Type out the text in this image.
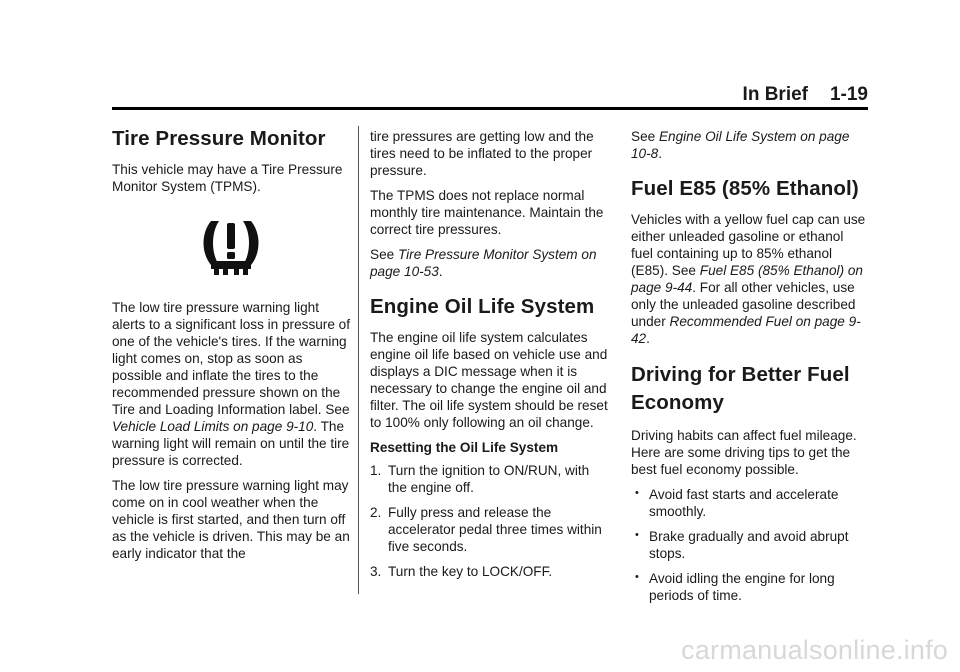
In Brief 1-19
Tire Pressure Monitor

This vehicle may have a Tire Pressure Monitor System (TPMS).

The low tire pressure warning light alerts to a significant loss in pressure of one of the vehicle's tires. If the warning light comes on, stop as soon as possible and inflate the tires to the recommended pressure shown on the Tire and Loading Information label. See Vehicle Load Limits on page 9-10. The warning light will remain on until the tire pressure is corrected.

The low tire pressure warning light may come on in cool weather when the vehicle is first started, and then turn off as the vehicle is driven. This may be an early indicator that the

tire pressures are getting low and the tires need to be inflated to the proper pressure.

The TPMS does not replace normal monthly tire maintenance. Maintain the correct tire pressures.

See Tire Pressure Monitor System on page 10-53.

Engine Oil Life System

The engine oil life system calculates engine oil life based on vehicle use and displays a DIC message when it is necessary to change the engine oil and filter. The oil life system should be reset to 100% only following an oil change.

Resetting the Oil Life System

1. Turn the ignition to ON/RUN, with the engine off.
2. Fully press and release the accelerator pedal three times within five seconds.
3. Turn the key to LOCK/OFF.

See Engine Oil Life System on page 10-8.

Fuel E85 (85% Ethanol)

Vehicles with a yellow fuel cap can use either unleaded gasoline or ethanol fuel containing up to 85% ethanol (E85). See Fuel E85 (85% Ethanol) on page 9-44. For all other vehicles, use only the unleaded gasoline described under Recommended Fuel on page 9-42.

Driving for Better Fuel Economy

Driving habits can affect fuel mileage. Here are some driving tips to get the best fuel economy possible.

• Avoid fast starts and accelerate smoothly.
• Brake gradually and avoid abrupt stops.
• Avoid idling the engine for long periods of time.
carmanualsonline.info
